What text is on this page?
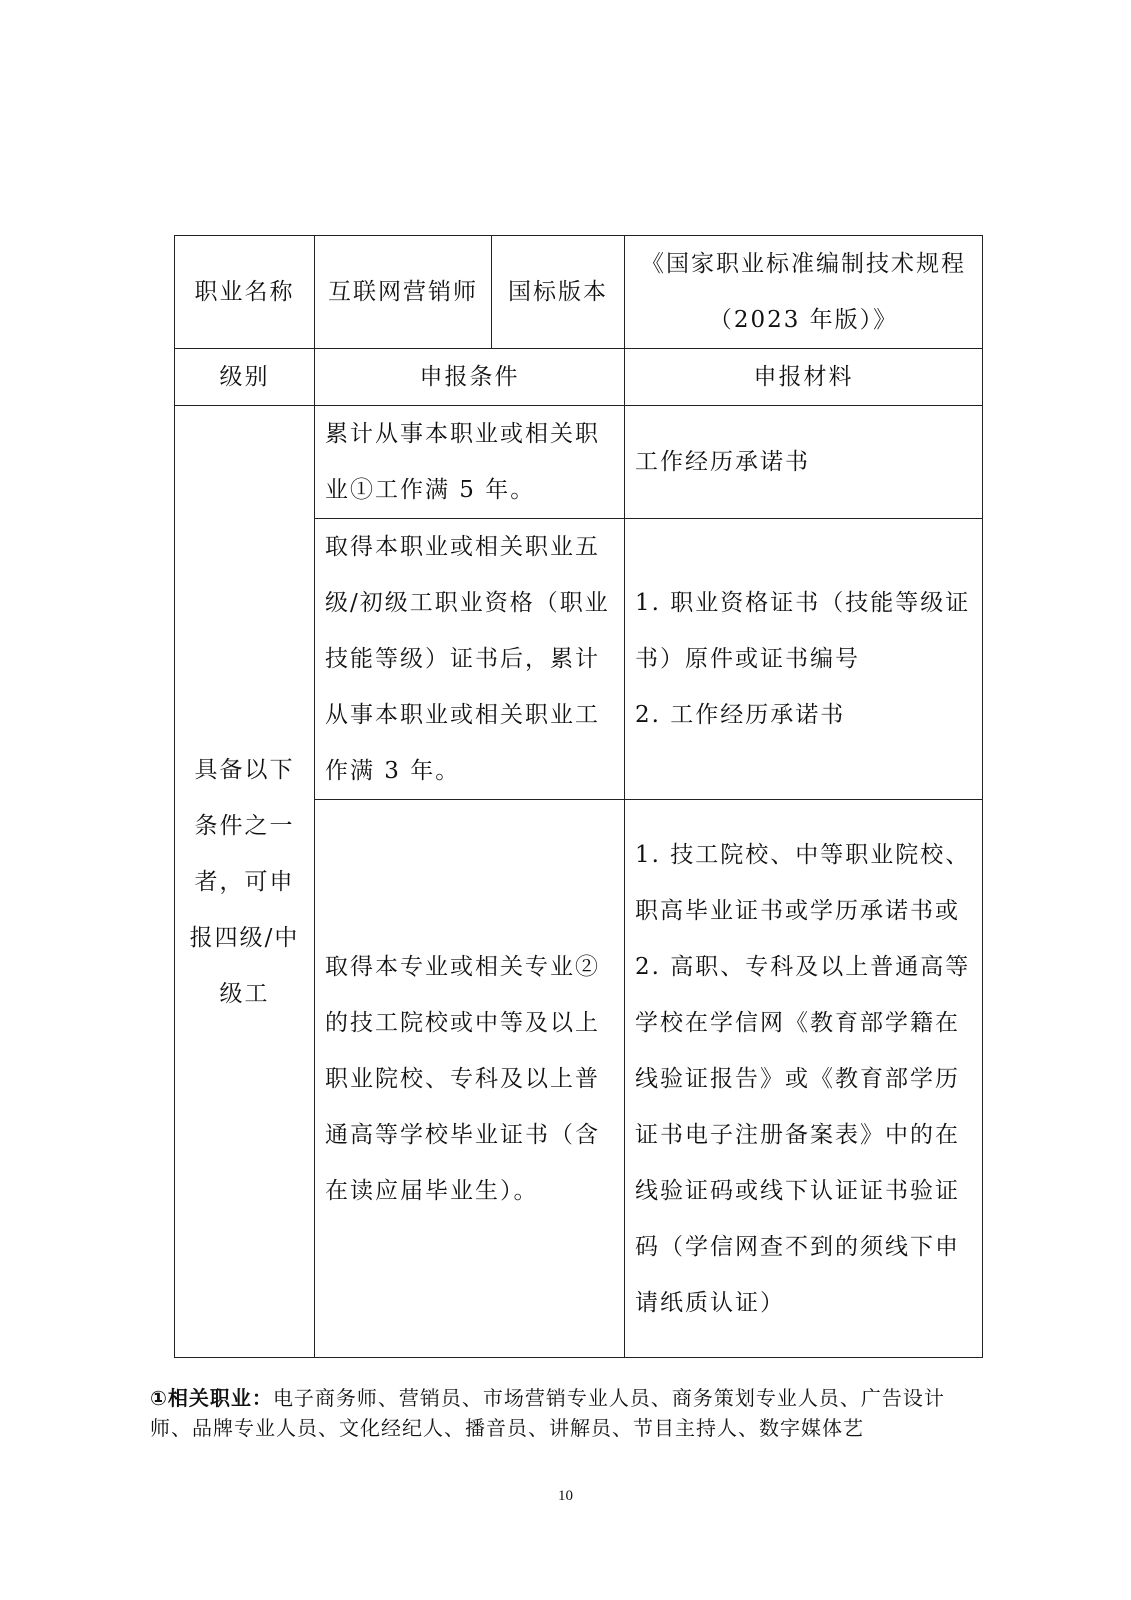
职业名称	互联网营销师	国标版本	《国家职业标准编制技术规程（2023 年版）》
级别	申报条件		申报材料
具备以下条件之一者，可申报四级/中级工	累计从事本职业或相关职业①工作满 5 年。		工作经历承诺书

	取得本职业或相关职业五级/初级工职业资格（职业技能等级）证书后，累计从事本职业或相关职业工作满 3 年。		1. 职业资格证书（技能等级证书）原件或证书编号
2. 工作经历承诺书

	取得本专业或相关专业②的技工院校或中等及以上职业院校、专科及以上普通高等学校毕业证书（含在读应届毕业生）。		1. 技工院校、中等职业院校、职高毕业证书或学历承诺书或 2. 高职、专科及以上普通高等学校在学信网《教育部学籍在线验证报告》或《教育部学历证书电子注册备案表》中的在线验证码或线下认证证书验证码（学信网查不到的须线下申请纸质认证）
①相关职业：电子商务师、营销员、市场营销专业人员、商务策划专业人员、广告设计师、品牌专业人员、文化经纪人、播音员、讲解员、节目主持人、数字媒体艺
10
